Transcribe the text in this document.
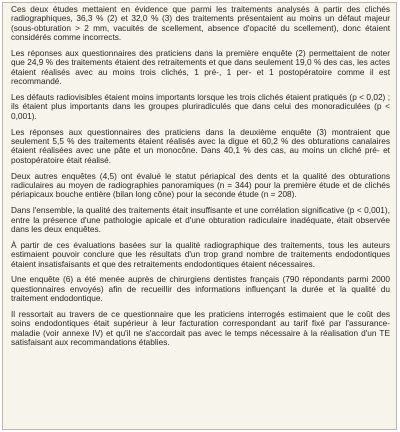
Ces deux études mettaient en évidence que parmi les traitements analysés à partir des clichés radiographiques, 36,3 % (2) et 32,0 % (3) des traitements présentaient au moins un défaut majeur (sous-obturation > 2 mm, vacuités de scellement, absence d'opacité du scellement), donc étaient considérés comme incorrects.

Les réponses aux questionnaires des praticiens dans la première enquête (2) permettaient de noter que 24,9 % des traitements étaient des retraitements et que dans seulement 19,0 % des cas, les actes étaient réalisés avec au moins trois clichés, 1 pré-, 1 per- et 1 postopératoire comme il est recommandé.

Les défauts radiovisibles étaient moins importants lorsque les trois clichés étaient pratiqués (p < 0,02) ; ils étaient plus importants dans les groupes pluriradiculés que dans celui des monoradiculées (p < 0,001).

Les réponses aux questionnaires des praticiens dans la deuxième enquête (3) montraient que seulement 5,5 % des traitements étaient réalisés avec la digue et 60,2 % des obturations canalaires étaient réalisées avec une pâte et un monocône. Dans 40,1 % des cas, au moins un cliché pré- et postopératoire était réalisé.

Deux autres enquêtes (4,5) ont évalué le statut périapical des dents et la qualité des obturations radiculaires au moyen de radiographies panoramiques (n = 344) pour la première étude et de clichés périapicaux bouche entière (bilan long cône) pour la seconde étude (n = 208).

Dans l'ensemble, la qualité des traitements était insuffisante et une corrélation significative (p < 0,001), entre la présence d'une pathologie apicale et d'une obturation radiculaire inadéquate, était observée dans les deux enquêtes.

À partir de ces évaluations basées sur la qualité radiographique des traitements, tous les auteurs estimaient pouvoir conclure que les résultats d'un trop grand nombre de traitements endodontiques étaient insatisfaisants et que des retraitements endodontiques étaient nécessaires.

Une enquête (6) a été menée auprès de chirurgiens dentistes français (790 répondants parmi 2000 questionnaires envoyés) afin de recueillir des informations influençant la durée et la qualité du traitement endodontique.

Il ressortait au travers de ce questionnaire que les praticiens interrogés estimaient que le coût des soins endodontiques était supérieur à leur facturation correspondant au tarif fixé par l'assurance-maladie (voir annexe IV) et qu'il ne s'accordait pas avec le temps nécessaire à la réalisation d'un TE satisfaisant aux recommandations établies.
